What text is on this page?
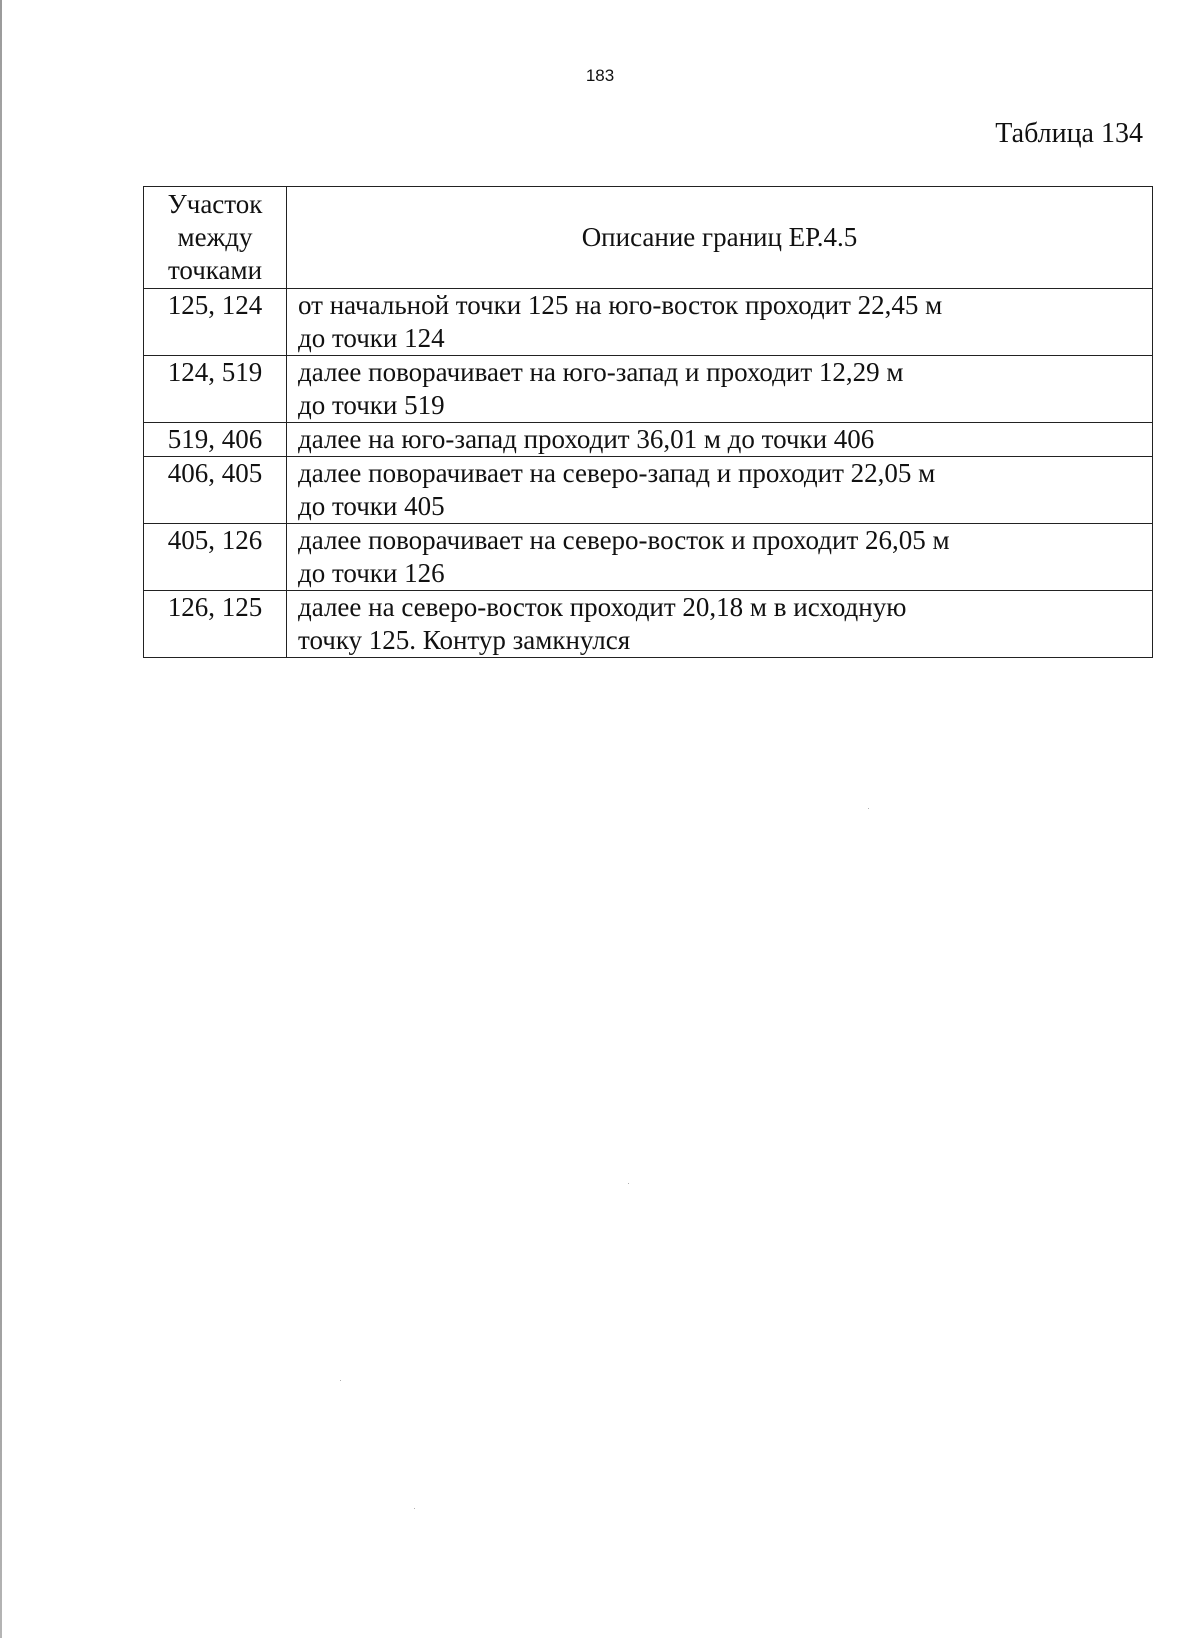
183
Таблица 134
Участок
между
точками	Описание границ ЕР.4.5
125, 124	от начальной точки 125 на юго-восток проходит 22,45 м
до точки 124

124, 519	далее поворачивает на юго-запад и проходит 12,29 м
до точки 519

519, 406	далее на юго-запад проходит 36,01 м до точки 406

406, 405	далее поворачивает на северо-запад и проходит 22,05 м
до точки 405

405, 126	далее поворачивает на северо-восток и проходит 26,05 м
до точки 126

126, 125	далее на северо-восток проходит 20,18 м в исходную
точку 125. Контур замкнулся
